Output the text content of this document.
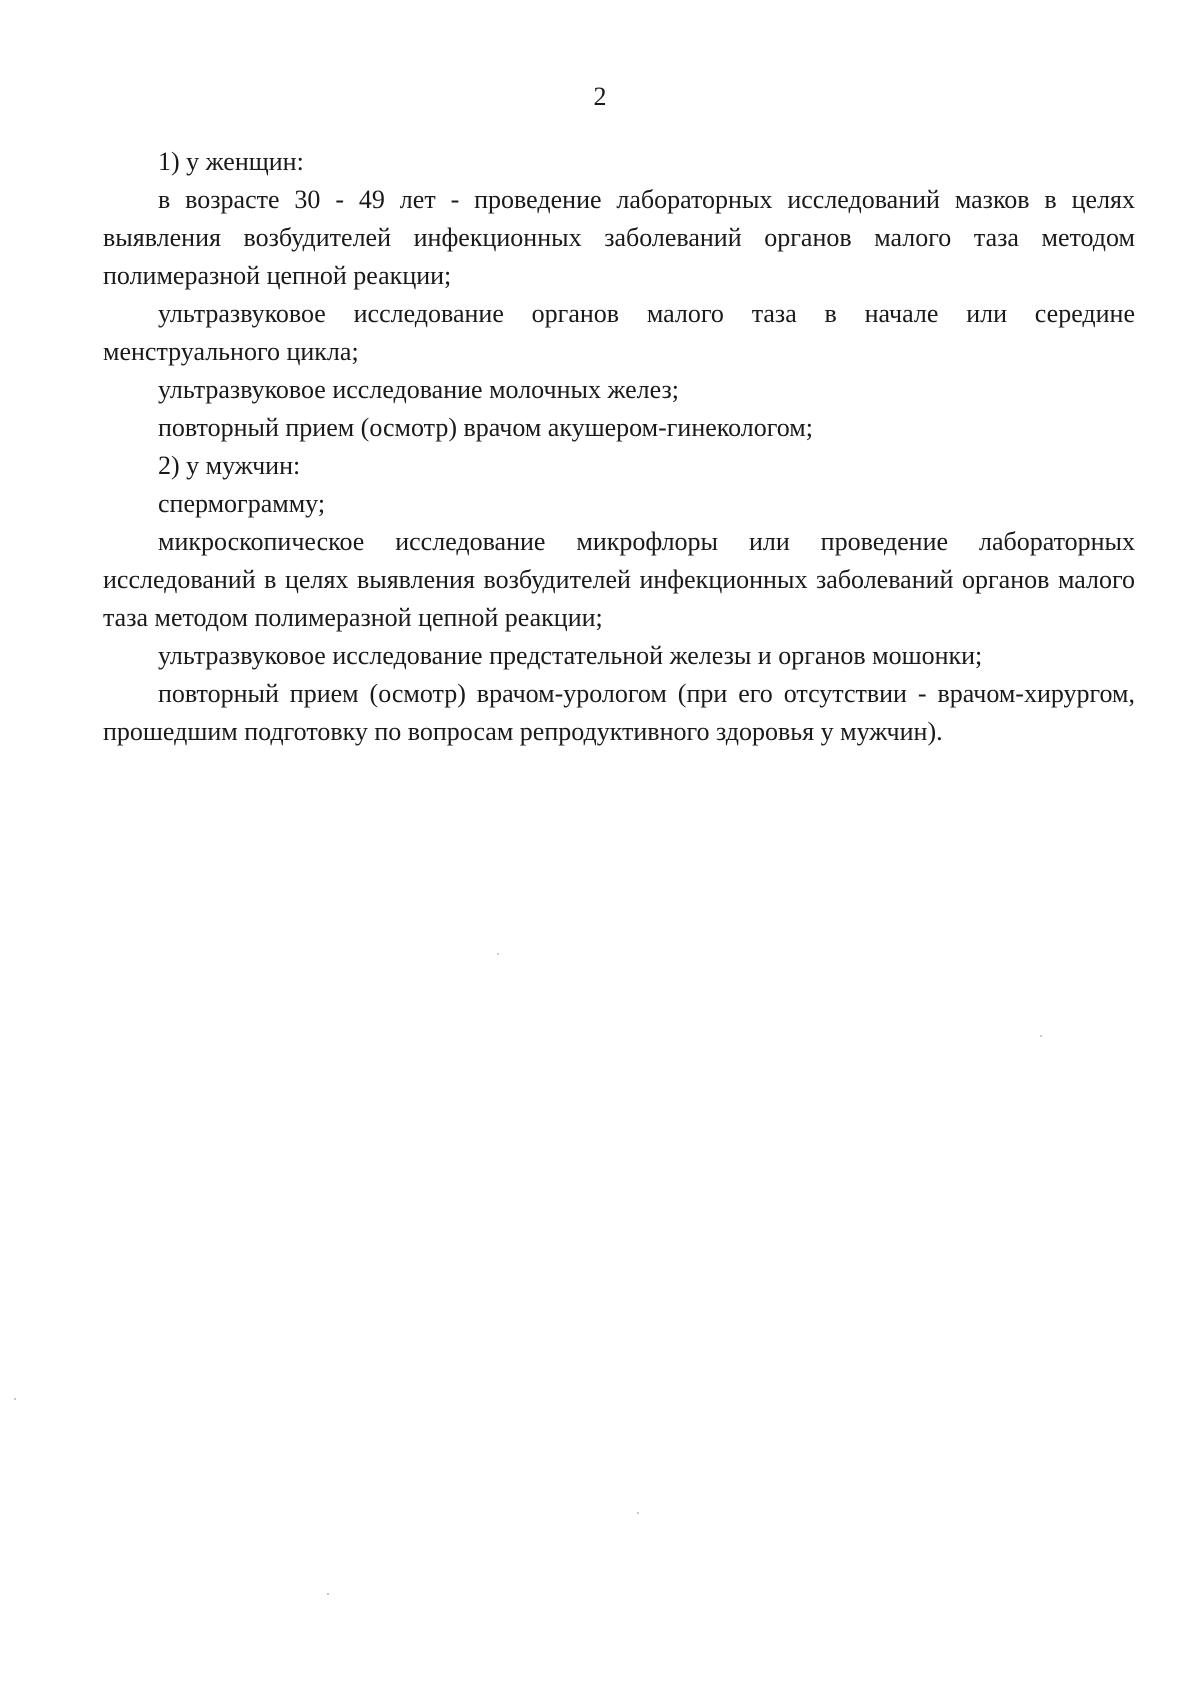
2

1) у женщин:

в возрасте 30 - 49 лет - проведение лабораторных исследований мазков в целях выявления возбудителей инфекционных заболеваний органов малого таза методом полимеразной цепной реакции;

ультразвуковое исследование органов малого таза в начале или середине менструального цикла;

ультразвуковое исследование молочных желез;

повторный прием (осмотр) врачом акушером-гинекологом;

2) у мужчин:

спермограмму;

микроскопическое исследование микрофлоры или проведение лабораторных исследований в целях выявления возбудителей инфекционных заболеваний органов малого таза методом полимеразной цепной реакции;

ультразвуковое исследование предстательной железы и органов мошонки;

повторный прием (осмотр) врачом-урологом (при его отсутствии - врачом-хирургом, прошедшим подготовку по вопросам репродуктивного здоровья у мужчин).
